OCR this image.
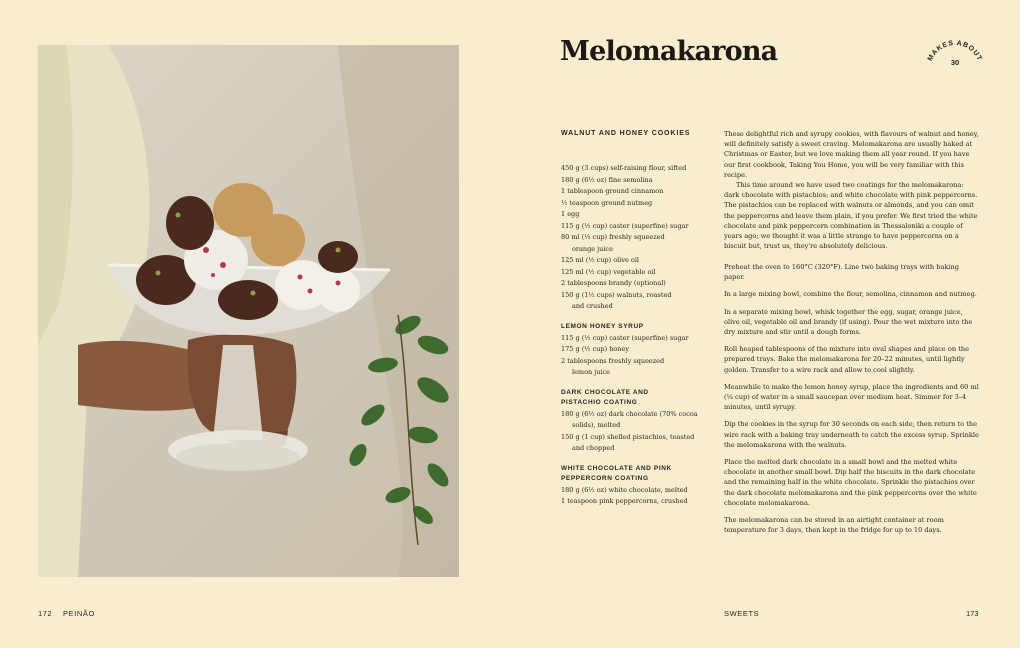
172 PEINÃO
Melomakarona	MAKES ABOUT
30
WALNUT AND HONEY COOKIES
450 g (3 cups) self-raising flour, sifted
180 g (6½ oz) fine semolina
1 tablespoon ground cinnamon
½ teaspoon ground nutmeg
1 egg
115 g (½ cup) caster (superfine) sugar
80 ml (⅓ cup) freshly squeezed
orange juice
125 ml (½ cup) olive oil
125 ml (½ cup) vegetable oil
2 tablespoons brandy (optional)
150 g (1½ cups) walnuts, roasted
and crushed
LEMON HONEY SYRUP
115 g (½ cup) caster (superfine) sugar
175 g (½ cup) honey
2 tablespoons freshly squeezed
lemon juice
DARK CHOCOLATE AND
PISTACHIO COATING
180 g (6½ oz) dark chocolate (70% cocoa
solids), melted
150 g (1 cup) shelled pistachios, toasted
and chopped
WHITE CHOCOLATE AND PINK
PEPPERCORN COATING
180 g (6½ oz) white chocolate, melted
1 teaspoon pink peppercorns, crushed

These delightful rich and syrupy cookies, with flavours of walnut and honey, will definitely satisfy a sweet craving. Melomakarona are usually baked at Christmas or Easter, but we love making them all year round. If you have our first cookbook, Taking You Home, you will be very familiar with this recipe.

This time around we have used two coatings for the melomakarona: dark chocolate with pistachios; and white chocolate with pink peppercorns. The pistachios can be replaced with walnuts or almonds, and you can omit the peppercorns and leave them plain, if you prefer. We first tried the white chocolate and pink peppercorn combination in Thessaloniki a couple of years ago; we thought it was a little strange to have peppercorns on a biscuit but, trust us, they're absolutely delicious.

Preheat the oven to 160°C (320°F). Line two baking trays with baking paper.

In a large mixing bowl, combine the flour, semolina, cinnamon and nutmeg.

In a separate mixing bowl, whisk together the egg, sugar, orange juice, olive oil, vegetable oil and brandy (if using). Pour the wet mixture into the dry mixture and stir until a dough forms.

Roll heaped tablespoons of the mixture into oval shapes and place on the prepared trays. Bake the melomakarona for 20–22 minutes, until lightly golden. Transfer to a wire rack and allow to cool slightly.

Meanwhile to make the lemon honey syrup, place the ingredients and 60 ml (¼ cup) of water in a small saucepan over medium heat. Simmer for 3–4 minutes, until syrupy.

Dip the cookies in the syrup for 30 seconds on each side, then return to the wire rack with a baking tray underneath to catch the excess syrup. Sprinkle the melomakarona with the walnuts.

Place the melted dark chocolate in a small bowl and the melted white chocolate in another small bowl. Dip half the biscuits in the dark chocolate and the remaining half in the white chocolate. Sprinkle the pistachios over the dark chocolate melomakarona and the pink peppercorns over the white chocolate melomakarona.

The melomakarona can be stored in an airtight container at room temperature for 3 days, then kept in the fridge for up to 10 days.

SWEETS	173
